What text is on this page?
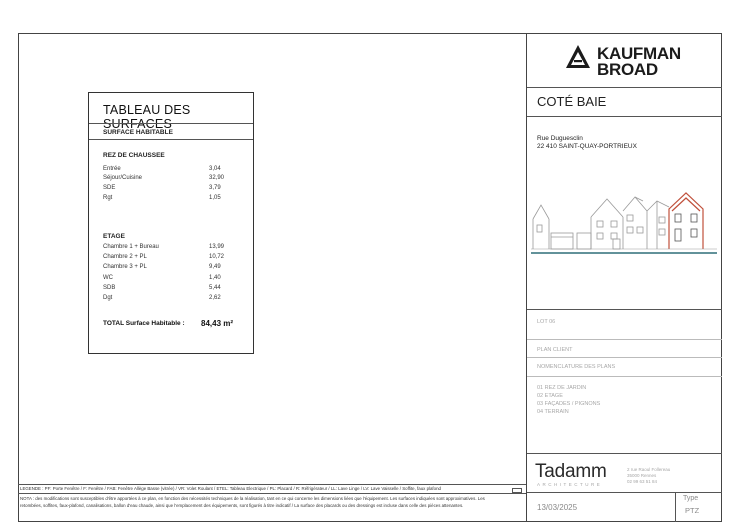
TABLEAU DES SURFACES
SURFACE HABITABLE
REZ DE CHAUSSEE
Entrée	3,04
Séjour/Cuisine	32,90
SDE	3,79
Rgt	1,05
ETAGE
Chambre 1 + Bureau	13,99
Chambre 2 + PL	10,72
Chambre 3 + PL	9,49
WC	1,40
SDB	5,44
Dgt	2,62
TOTAL Surface Habitable : 84,43 m²
KAUFMAN
BROAD
COTÉ BAIE
Rue Duguesclin
22 410 SAINT-QUAY-PORTRIEUX
LOT 06
PLAN CLIENT
NOMENCLATURE DES PLANS
01 REZ DE JARDIN
02 ETAGE
03 FAÇADES / PIGNONS
04 TERRAIN
Tadamm
ARCHITECTURE
2 rue Raoul Follereau
35000 Rennes
02 99 63 51 84
13/03/2025
Type
PTZ
LEGENDE : PF: Porte Fenêtre / F: Fenêtre / FAB: Fenêtre Allège Basse (vitrée) / VR: Volet Roulant / ETEL: Tableau Electrique / PL: Placard / R: Réfrigérateur / LL: Lave Linge / LV: Lave Vaisselle / Soffite, faux plafond
NOTA : des modifications sont susceptibles d'être apportées à ce plan, en fonction des nécessités techniques de la réalisation, tant en ce qui concerne les dimensions liées que l'équipement. Les surfaces indiquées sont approximatives. Les
retombées, soffites, faux-plafond, canalisations, ballon d'eau chaude, ainsi que l'emplacement des équipements, sont figurés à titre indicatif / La surface des placards ou des dressings est incluse dans celle des pièces attenantes.
